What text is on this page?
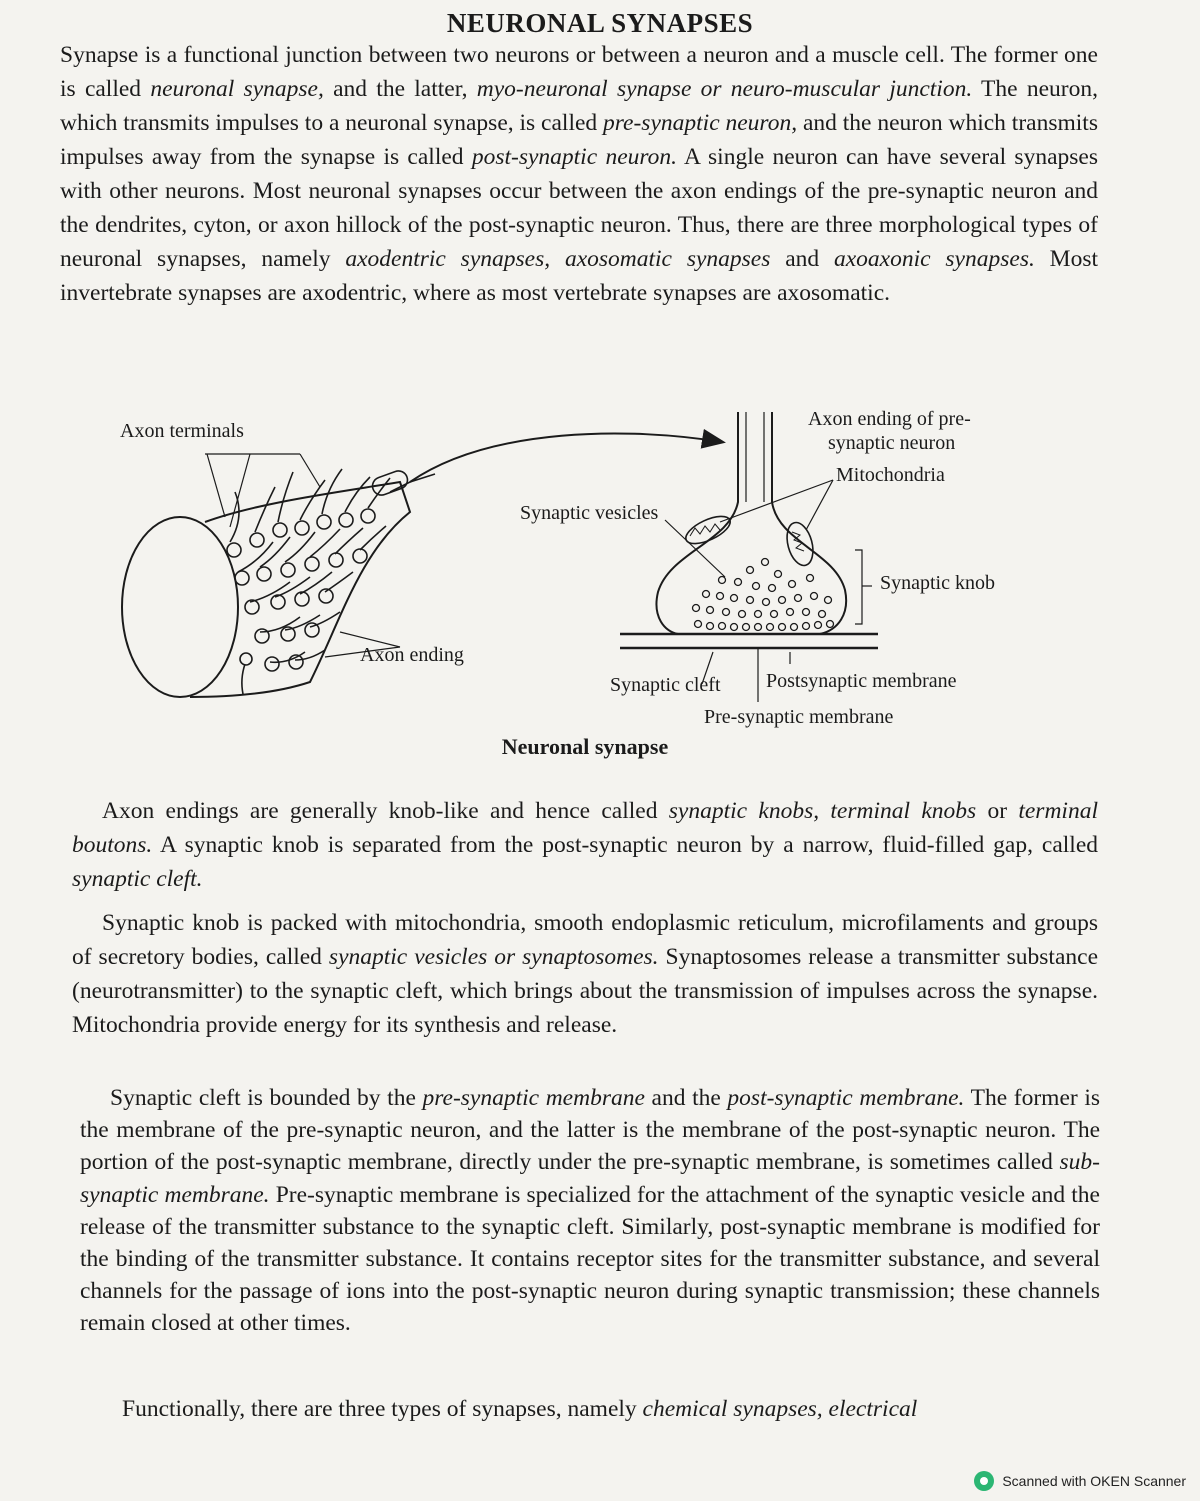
NEURONAL SYNAPSES
Synapse is a functional junction between two neurons or between a neuron and a muscle cell. The former one is called neuronal synapse, and the latter, myo-neuronal synapse or neuro-muscular junction. The neuron, which transmits impulses to a neuronal synapse, is called pre-synaptic neuron, and the neuron which transmits impulses away from the synapse is called post-synaptic neuron. A single neuron can have several synapses with other neurons. Most neuronal synapses occur between the axon endings of the pre-synaptic neuron and the dendrites, cyton, or axon hillock of the post-synaptic neuron. Thus, there are three morphological types of neuronal synapses, namely axodentric synapses, axosomatic synapses and axoaxonic synapses. Most invertebrate synapses are axodentric, where as most vertebrate synapses are axosomatic.
Axon terminals
Axon ending
Synaptic vesicles
Axon ending of pre-
synaptic neuron
Mitochondria
Synaptic knob
Synaptic cleft Postsynaptic membrane
Pre-synaptic membrane
Neuronal synapse
Axon endings are generally knob-like and hence called synaptic knobs, terminal knobs or terminal boutons. A synaptic knob is separated from the post-synaptic neuron by a narrow, fluid-filled gap, called synaptic cleft.
Synaptic knob is packed with mitochondria, smooth endoplasmic reticulum, microfilaments and groups of secretory bodies, called synaptic vesicles or synaptosomes. Synaptosomes release a transmitter substance (neurotransmitter) to the synaptic cleft, which brings about the transmission of impulses across the synapse. Mitochondria provide energy for its synthesis and release.
Synaptic cleft is bounded by the pre-synaptic membrane and the post-synaptic membrane. The former is the membrane of the pre-synaptic neuron, and the latter is the membrane of the post-synaptic neuron. The portion of the post-synaptic membrane, directly under the pre-synaptic membrane, is sometimes called sub-synaptic membrane. Pre-synaptic membrane is specialized for the attachment of the synaptic vesicle and the release of the transmitter substance to the synaptic cleft. Similarly, post-synaptic membrane is modified for the binding of the transmitter substance. It contains receptor sites for the transmitter substance, and several channels for the passage of ions into the post-synaptic neuron during synaptic transmission; these channels remain closed at other times.
Functionally, there are three types of synapses, namely chemical synapses, electrical
Scanned with OKEN Scanner
